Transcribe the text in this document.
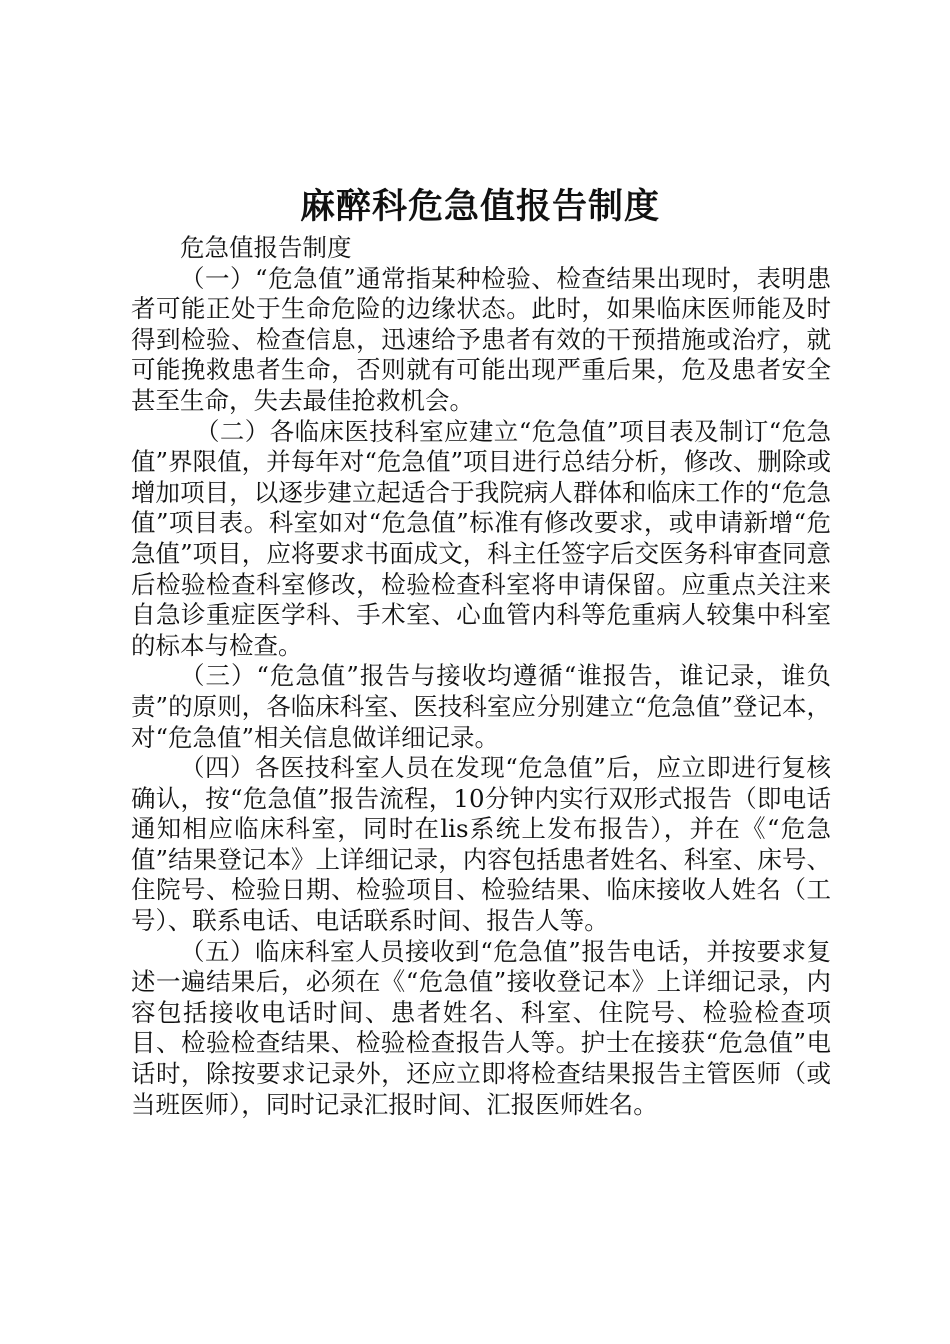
麻醉科危急值报告制度

危急值报告制度

（一）“危急值”通常指某种检验、检查结果出现时，表明患者可能正处于生命危险的边缘状态。此时，如果临床医师能及时得到检验、检查信息，迅速给予患者有效的干预措施或治疗，就可能挽救患者生命，否则就有可能出现严重后果，危及患者安全甚至生命，失去最佳抢救机会。

（二）各临床医技科室应建立“危急值”项目表及制订“危急值”界限值，并每年对“危急值”项目进行总结分析，修改、删除或增加项目，以逐步建立起适合于我院病人群体和临床工作的“危急值”项目表。科室如对“危急值”标准有修改要求，或申请新增“危急值”项目，应将要求书面成文，科主任签字后交医务科审查同意后检验检查科室修改，检验检查科室将申请保留。应重点关注来自急诊重症医学科、手术室、心血管内科等危重病人较集中科室的标本与检查。

（三）“危急值”报告与接收均遵循“谁报告，谁记录，谁负责”的原则，各临床科室、医技科室应分别建立“危急值”登记本，对“危急值”相关信息做详细记录。

（四）各医技科室人员在发现“危急值”后，应立即进行复核确认，按“危急值”报告流程，10分钟内实行双形式报告（即电话通知相应临床科室，同时在lis系统上发布报告），并在《“危急值”结果登记本》上详细记录，内容包括患者姓名、科室、床号、住院号、检验日期、检验项目、检验结果、临床接收人姓名（工号）、联系电话、电话联系时间、报告人等。

（五）临床科室人员接收到“危急值”报告电话，并按要求复述一遍结果后，必须在《“危急值”接收登记本》上详细记录，内容包括接收电话时间、患者姓名、科室、住院号、检验检查项目、检验检查结果、检验检查报告人等。护士在接获“危急值”电话时，除按要求记录外，还应立即将检查结果报告主管医师（或当班医师），同时记录汇报时间、汇报医师姓名。
